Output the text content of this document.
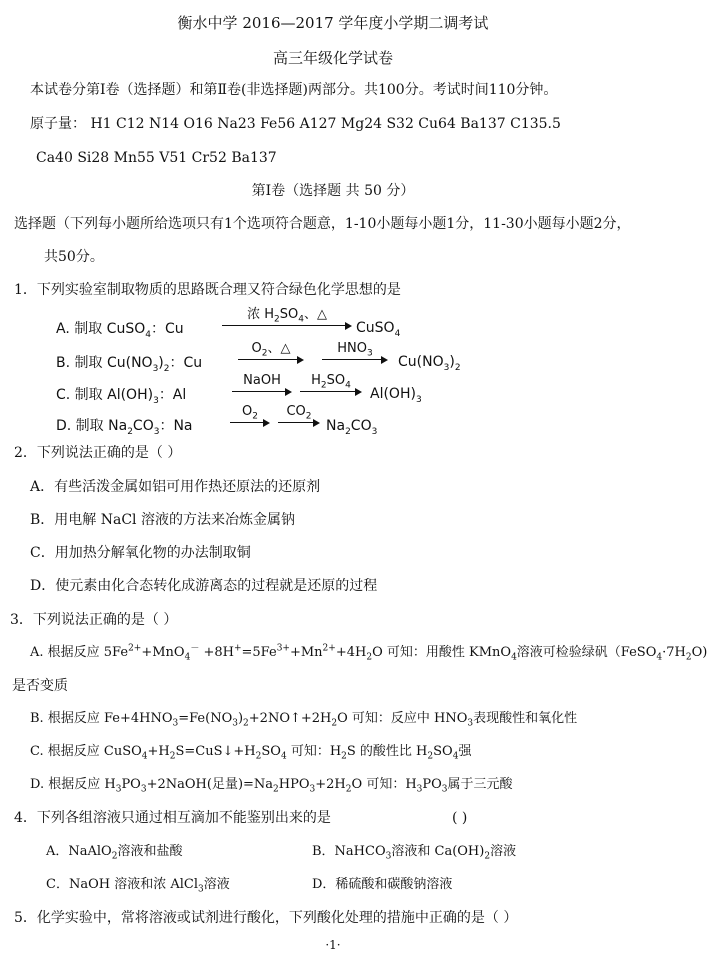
衡水中学 2016—2017 学年度小学期二调考试
高三年级化学试卷
本试卷分第Ⅰ卷（选择题）和第Ⅱ卷(非选择题)两部分。共100分。考试时间110分钟。
原子量： H1 C12 N14 O16 Na23 Fe56 A127 Mg24 S32 Cu64 Ba137 C135.5
Ca40 Si28 Mn55 V51 Cr52 Ba137
第Ⅰ卷（选择题 共 50 分）
选择题（下列每小题所给选项只有1个选项符合题意，1-10小题每小题1分，11-30小题每小题2分，
共50分。
1．下列实验室制取物质的思路既合理又符合绿色化学思想的是
A. 制取 CuSO$_4$：Cu
浓 $H_2SO_4$、△
CuSO$_4$
B. 制取 $Cu(NO_3)_2$：Cu
$O_2$、△	$HNO_3$
$Cu(NO_3)_2$
C. 制取 $Al(OH)_3$：Al
NaOH	$H_2SO_4$
$Al(OH)_3$
D. 制取 $Na_2CO_3$：Na
$O_2$	$CO_2$
$Na_2CO_3$
2．下列说法正确的是（ ）
A．有些活泼金属如铝可用作热还原法的还原剂
B．用电解 NaCl 溶液的方法来冶炼金属钠
C．用加热分解氧化物的办法制取铜
D．使元素由化合态转化成游离态的过程就是还原的过程
3．下列说法正确的是（ ）
A. 根据反应 $5Fe^{2+}+MnO_4^- +8H^+=5Fe^{3+}+Mn^{2+}+4H_2O$ 可知：用酸性 KMnO$_4$溶液可检验绿矾$(FeSO_4\cdot 7H_2O)$
是否变质
B. 根据反应 $Fe+4HNO_3=Fe(NO_3)_2+2NO↑+2H_2O$ 可知：反应中 $HNO_3$表现酸性和氧化性
C. 根据反应 $CuSO_4+H_2S=CuS↓+H_2SO_4$ 可知：$H_2S$ 的酸性比 $H_2SO_4$强
D. 根据反应 $H_3PO_3+2NaOH$(足量)$=Na_2HPO_3+2H_2O$ 可知：$H_3PO_3$属于三元酸
4．下列各组溶液只通过相互滴加不能鉴别出来的是	( )
A．NaAlO$_2$溶液和盐酸	B．NaHCO$_3$溶液和 $Ca(OH)_2$溶液
C．NaOH 溶液和浓 AlCl$_3$溶液	D．稀硫酸和碳酸钠溶液
5．化学实验中，常将溶液或试剂进行酸化，下列酸化处理的措施中正确的是（ ）
·1·
